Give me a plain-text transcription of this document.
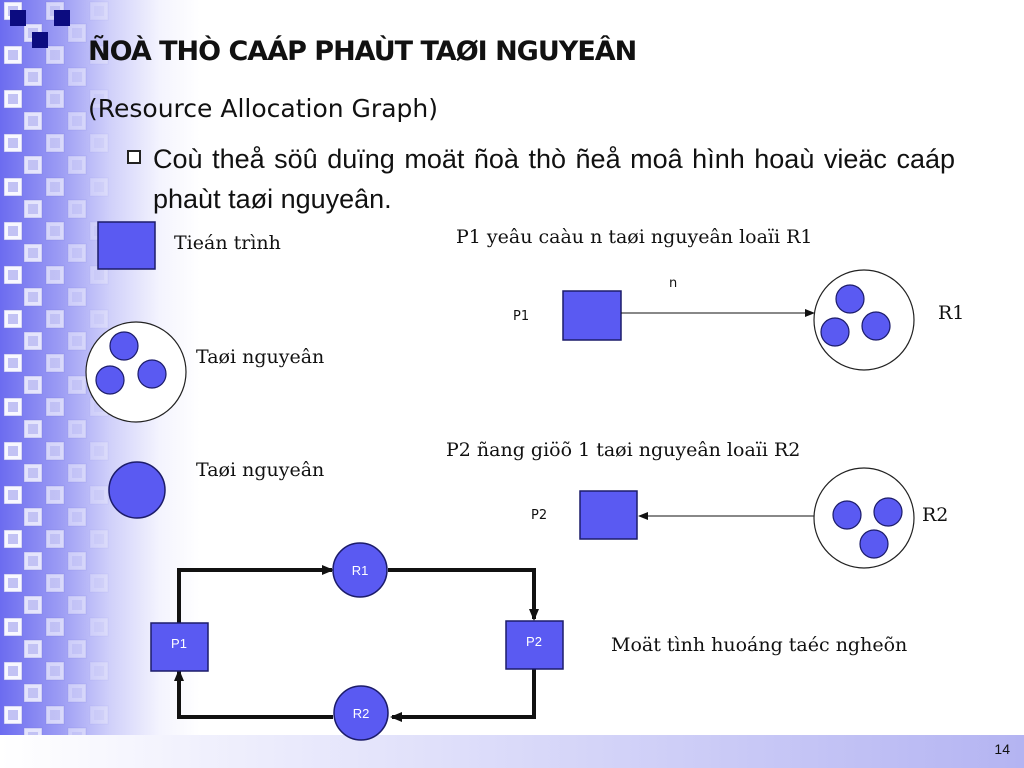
14
ÑOÀ THÒ CAÁP PHAÙT TAØI NGUYEÂN
(Resource Allocation Graph)
Coù theå söû duïng moät ñoà thò ñeå moâ hình hoaù vieäc caáp phaùt taøi nguyeân.
Tieán trình
Taøi nguyeân
Taøi nguyeân
P1 yeâu caàu n taøi nguyeân loaïi R1
P1
n
R1
P2 ñang giöõ 1 taøi nguyeân loaïi R2
P2	R2
Moät tình huoáng taéc ngheõn
R1
R2
P1	P2
